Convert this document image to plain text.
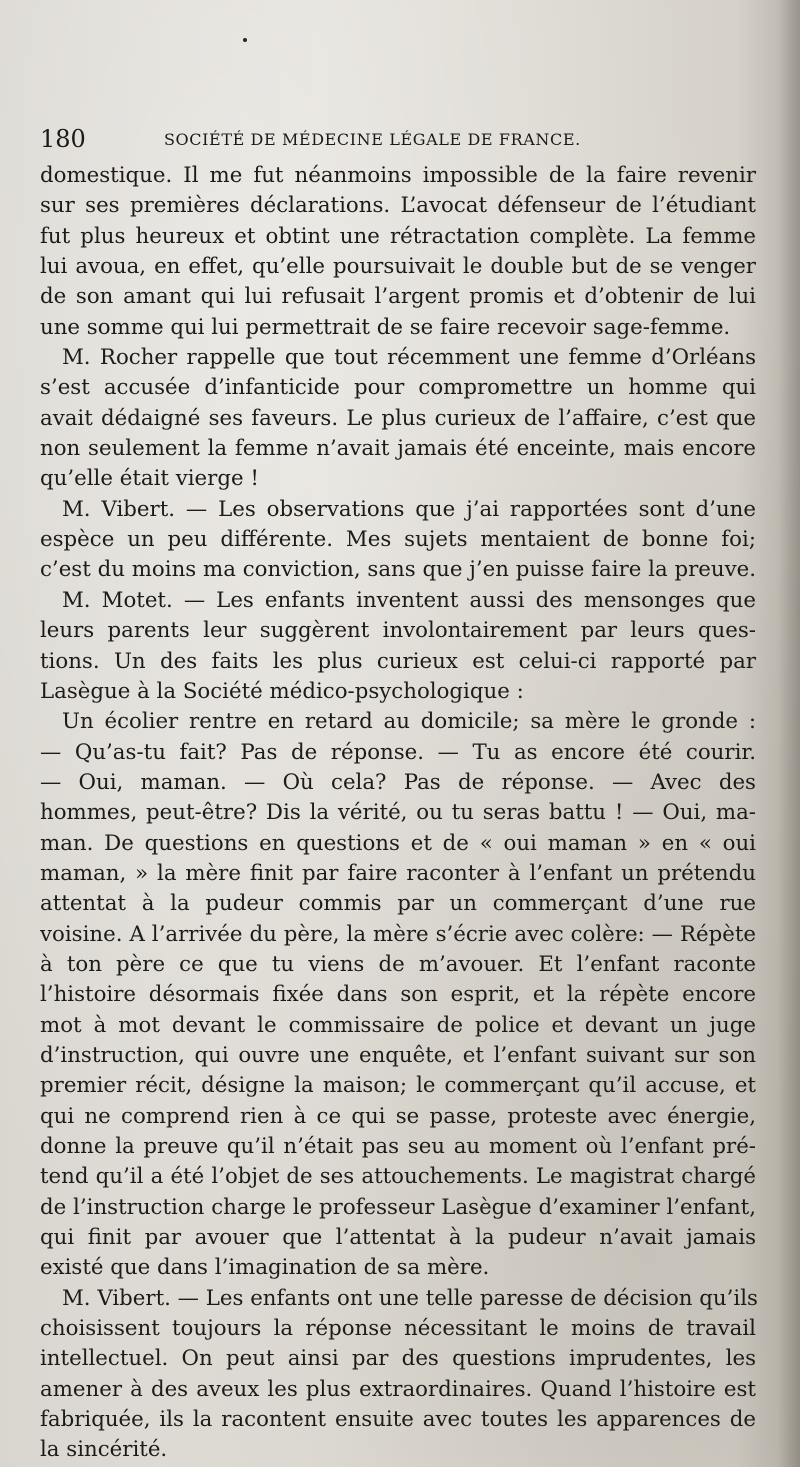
180	SOCIÉTÉ DE MÉDECINE LÉGALE DE FRANCE.
domestique. Il me fut néanmoins impossible de la faire revenir
sur ses premières déclarations. L’avocat défenseur de l’étudiant
fut plus heureux et obtint une rétractation complète. La femme
lui avoua, en effet, qu’elle poursuivait le double but de se venger
de son amant qui lui refusait l’argent promis et d’obtenir de lui
une somme qui lui permettrait de se faire recevoir sage-femme.
M. Rocher rappelle que tout récemment une femme d’Orléans
s’est accusée d’infanticide pour compromettre un homme qui
avait dédaigné ses faveurs. Le plus curieux de l’affaire, c’est que
non seulement la femme n’avait jamais été enceinte, mais encore
qu’elle était vierge !
M. Vibert. — Les observations que j’ai rapportées sont d’une
espèce un peu différente. Mes sujets mentaient de bonne foi;
c’est du moins ma conviction, sans que j’en puisse faire la preuve.
M. Motet. — Les enfants inventent aussi des mensonges que
leurs parents leur suggèrent involontairement par leurs ques-
tions. Un des faits les plus curieux est celui-ci rapporté par
Lasègue à la Société médico-psychologique :
Un écolier rentre en retard au domicile; sa mère le gronde :
— Qu’as-tu fait? Pas de réponse. — Tu as encore été courir.
— Oui, maman. — Où cela? Pas de réponse. — Avec des
hommes, peut-être? Dis la vérité, ou tu seras battu ! — Oui, ma-
man. De questions en questions et de « oui maman » en « oui
maman, » la mère finit par faire raconter à l’enfant un prétendu
attentat à la pudeur commis par un commerçant d’une rue
voisine. A l’arrivée du père, la mère s’écrie avec colère: — Répète
à ton père ce que tu viens de m’avouer. Et l’enfant raconte
l’histoire désormais fixée dans son esprit, et la répète encore
mot à mot devant le commissaire de police et devant un juge
d’instruction, qui ouvre une enquête, et l’enfant suivant sur son
premier récit, désigne la maison; le commerçant qu’il accuse, et
qui ne comprend rien à ce qui se passe, proteste avec énergie,
donne la preuve qu’il n’était pas seu au moment où l’enfant pré-
tend qu’il a été l’objet de ses attouchements. Le magistrat chargé
de l’instruction charge le professeur Lasègue d’examiner l’enfant,
qui finit par avouer que l’attentat à la pudeur n’avait jamais
existé que dans l’imagination de sa mère.
M. Vibert. — Les enfants ont une telle paresse de décision qu’ils
choisissent toujours la réponse nécessitant le moins de travail
intellectuel. On peut ainsi par des questions imprudentes, les
amener à des aveux les plus extraordinaires. Quand l’histoire est
fabriquée, ils la racontent ensuite avec toutes les apparences de
la sincérité.
